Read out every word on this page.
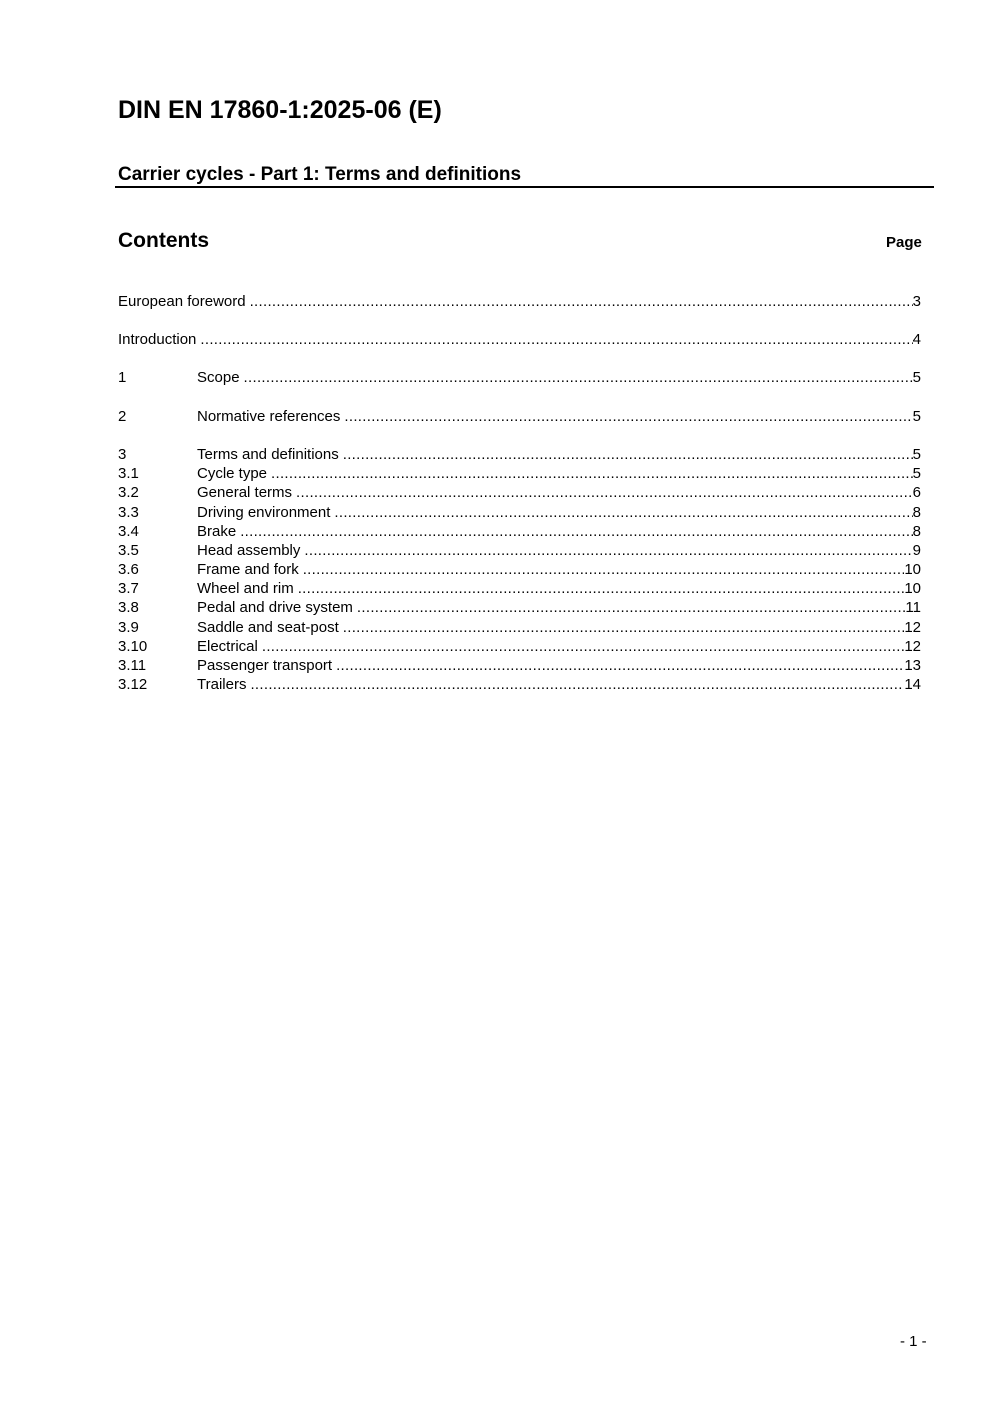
DIN EN 17860-1:2025-06 (E)
Carrier cycles - Part 1: Terms and definitions
Contents	Page
European foreword .....	3
Introduction .....	4
1	Scope .....	5
2	Normative references .....	5
3	Terms and definitions .....	5
3.1	Cycle type .....	5
3.2	General terms .....	6
3.3	Driving environment .....	8
3.4	Brake .....	8
3.5	Head assembly .....	9
3.6	Frame and fork .....	10
3.7	Wheel and rim .....	10
3.8	Pedal and drive system .....	11
3.9	Saddle and seat-post .....	12
3.10	Electrical .....	12
3.11	Passenger transport .....	13
3.12	Trailers .....	14
- 1 -
